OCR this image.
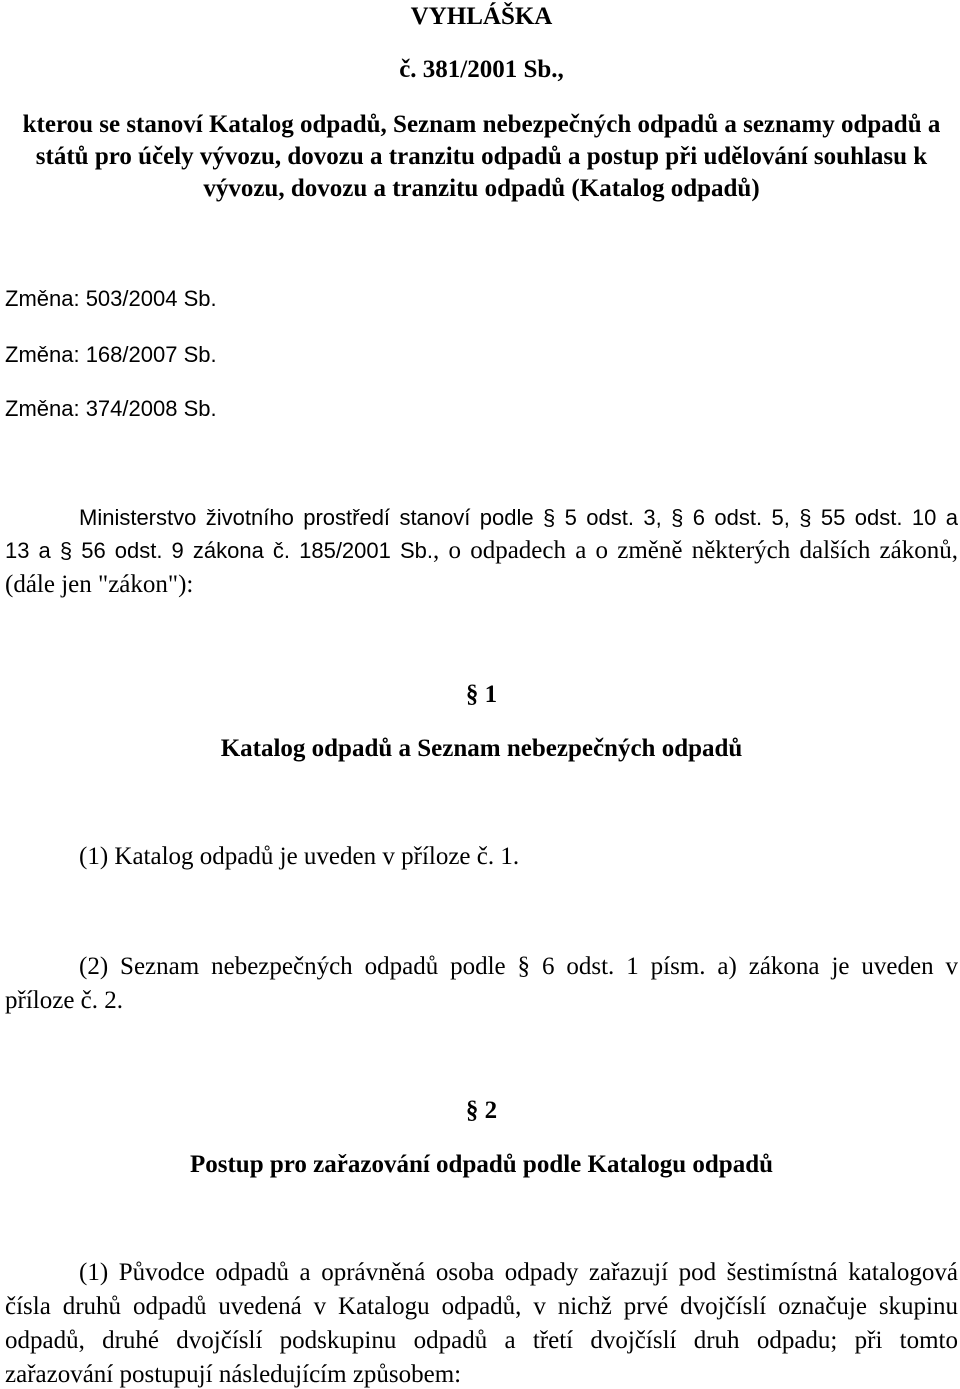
VYHLÁŠKA
č. 381/2001 Sb.,
kterou se stanoví Katalog odpadů, Seznam nebezpečných odpadů a seznamy odpadů a
států pro účely vývozu, dovozu a tranzitu odpadů a postup při udělování souhlasu k
vývozu, dovozu a tranzitu odpadů (Katalog odpadů)
Změna: 503/2004 Sb.
Změna: 168/2007 Sb.
Změna: 374/2008 Sb.
Ministerstvo životního prostředí stanoví podle § 5 odst. 3, § 6 odst. 5, § 55 odst. 10 a
13 a § 56 odst. 9 zákona č. 185/2001 Sb., o odpadech a o změně některých dalších zákonů,
(dále jen "zákon"):
§ 1
Katalog odpadů a Seznam nebezpečných odpadů
(1) Katalog odpadů je uveden v příloze č. 1.
(2) Seznam nebezpečných odpadů podle § 6 odst. 1 písm. a) zákona je uveden v
příloze č. 2.
§ 2
Postup pro zařazování odpadů podle Katalogu odpadů
(1) Původce odpadů a oprávněná osoba odpady zařazují pod šestimístná katalogová
čísla druhů odpadů uvedená v Katalogu odpadů, v nichž prvé dvojčíslí označuje skupinu
odpadů, druhé dvojčíslí podskupinu odpadů a třetí dvojčíslí druh odpadu; při tomto
zařazování postupují následujícím způsobem:
